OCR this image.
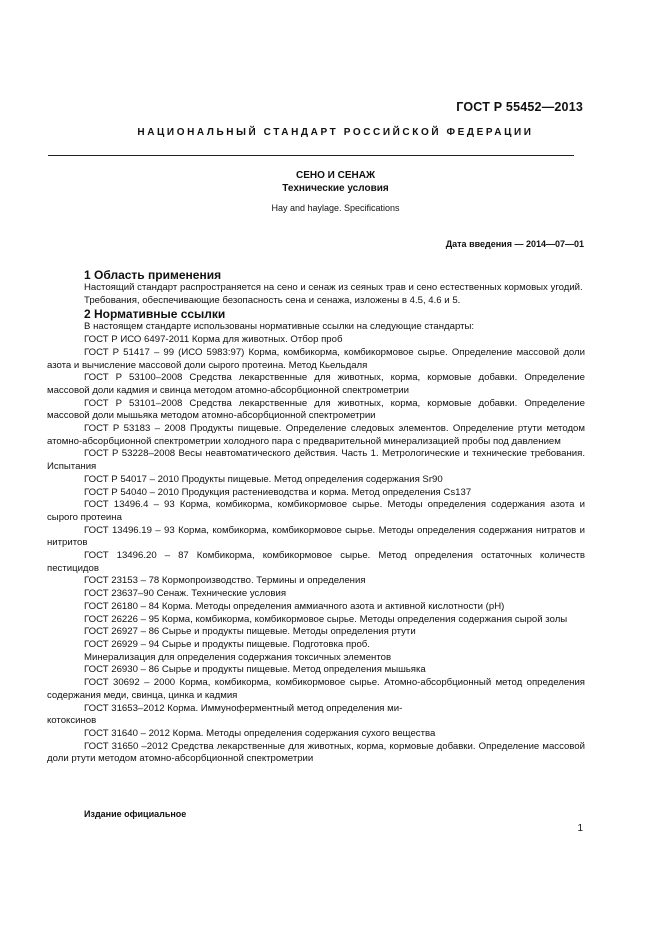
ГОСТ Р 55452—2013
НАЦИОНАЛЬНЫЙ СТАНДАРТ РОССИЙСКОЙ ФЕДЕРАЦИИ
СЕНО И СЕНАЖ
Технические условия
Hay and haylage. Specifications
Дата введения — 2014—07—01
1 Область применения
Настоящий стандарт распространяется на сено и сенаж из сеяных трав и сено естественных кормовых угодий.
Требования, обеспечивающие безопасность сена и сенажа, изложены в 4.5, 4.6 и 5.
2 Нормативные ссылки
В настоящем стандарте использованы нормативные ссылки на следующие стандарты:
ГОСТ Р ИСО 6497-2011 Корма для животных. Отбор проб
ГОСТ Р 51417 – 99 (ИСО 5983:97) Корма, комбикорма, комбикормовое сырье. Определение массовой доли азота и вычисление массовой доли сырого протеина. Метод Кьельдаля
ГОСТ Р 53100–2008 Средства лекарственные для животных, корма, кормовые добавки. Определение массовой доли кадмия и свинца методом атомно-абсорбционной спектрометрии
ГОСТ Р 53101–2008 Средства лекарственные для животных, корма, кормовые добавки. Определение массовой доли мышьяка методом атомно-абсорбционной спектрометрии
ГОСТ Р 53183 – 2008 Продукты пищевые. Определение следовых элементов. Определение ртути методом атомно-абсорбционной спектрометрии холодного пара с предварительной минерализацией пробы под давлением
ГОСТ Р 53228–2008 Весы неавтоматического действия. Часть 1. Метрологические и технические требования. Испытания
ГОСТ Р 54017 – 2010 Продукты пищевые. Метод определения содержания Sr90
ГОСТ Р 54040 – 2010 Продукция растениеводства и корма. Метод определения Cs137
ГОСТ 13496.4 – 93 Корма, комбикорма, комбикормовое сырье. Методы определения содержания азота и сырого протеина
ГОСТ 13496.19 – 93 Корма, комбикорма, комбикормовое сырье. Методы определения содержания нитратов и нитритов
ГОСТ 13496.20 – 87 Комбикорма, комбикормовое сырье. Метод определения остаточных количеств пестицидов
ГОСТ 23153 – 78 Кормопроизводство. Термины и определения
ГОСТ 23637–90 Сенаж. Технические условия
ГОСТ 26180 – 84 Корма. Методы определения аммиачного азота и активной кислотности (рН)
ГОСТ 26226 – 95 Корма, комбикорма, комбикормовое сырье. Методы определения содержания сырой золы
ГОСТ 26927 – 86 Сырье и продукты пищевые. Методы определения ртути
ГОСТ 26929 – 94 Сырье и продукты пищевые. Подготовка проб.
Минерализация для определения содержания токсичных элементов
ГОСТ 26930 – 86 Сырье и продукты пищевые. Метод определения мышьяка
ГОСТ 30692 – 2000 Корма, комбикорма, комбикормовое сырье. Атомно-абсорбционный метод определения содержания меди, свинца, цинка и кадмия
ГОСТ 31653–2012 Корма. Иммуноферментный метод определения ми-
котоксинов
ГОСТ 31640 – 2012 Корма. Методы определения содержания сухого вещества
ГОСТ 31650 –2012 Средства лекарственные для животных, корма, кормовые добавки. Определение массовой доли ртути методом атомно-абсорбционной спектрометрии
Издание официальное
1
